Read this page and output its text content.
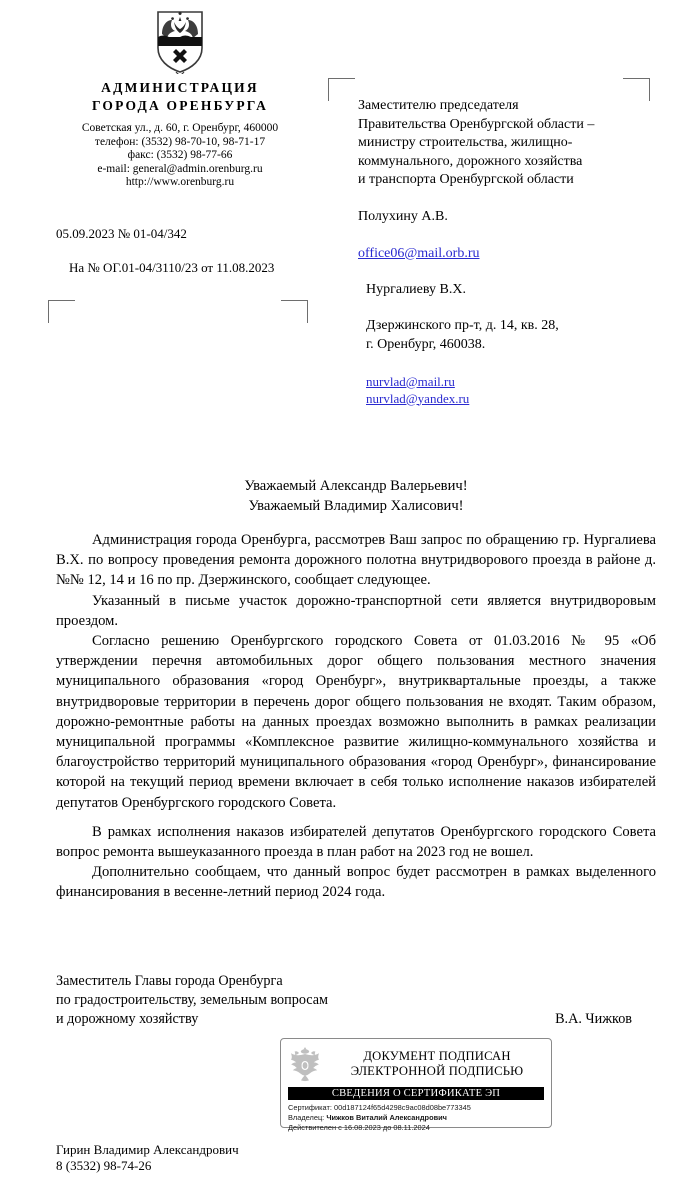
АДМИНИСТРАЦИЯ
ГОРОДА ОРЕНБУРГА
Советская ул., д. 60, г. Оренбург, 460000
телефон: (3532) 98-70-10, 98-71-17
факс: (3532) 98-77-66
e-mail: general@admin.orenburg.ru
http://www.orenburg.ru
05.09.2023 № 01-04/342
На № ОГ.01-04/3110/23 от 11.08.2023
Заместителю председателя
Правительства Оренбургской области –
министру строительства, жилищно-
коммунального, дорожного хозяйства
и транспорта Оренбургской области
Полухину А.В.
office06@mail.orb.ru
Нургалиеву В.Х.
Дзержинского пр-т, д. 14, кв. 28,
г. Оренбург, 460038.
nurvlad@mail.ru
nurvlad@yandex.ru
Уважаемый Александр Валерьевич!
Уважаемый Владимир Халисович!

Администрация города Оренбурга, рассмотрев Ваш запрос по обращению гр. Нургалиева В.Х. по вопросу проведения ремонта дорожного полотна внутридворового проезда в районе д. №№ 12, 14 и 16 по пр. Дзержинского, сообщает следующее.

Указанный в письме участок дорожно-транспортной сети является внутридворовым проездом.

Согласно решению Оренбургского городского Совета от 01.03.2016 № 95 «Об утверждении перечня автомобильных дорог общего пользования местного значения муниципального образования «город Оренбург», внутриквартальные проезды, а также внутридворовые территории в перечень дорог общего пользования не входят. Таким образом, дорожно-ремонтные работы на данных проездах возможно выполнить в рамках реализации муниципальной программы «Комплексное развитие жилищно-коммунального хозяйства и благоустройство территорий муниципального образования «город Оренбург», финансирование которой на текущий период времени включает в себя только исполнение наказов избирателей депутатов Оренбургского городского Совета.

В рамках исполнения наказов избирателей депутатов Оренбургского городского Совета вопрос ремонта вышеуказанного проезда в план работ на 2023 год не вошел.

Дополнительно сообщаем, что данный вопрос будет рассмотрен в рамках выделенного финансирования в весенне-летний период 2024 года.

Заместитель Главы города Оренбурга
по градостроительству, земельным вопросам
и дорожному хозяйству	В.А. Чижков
ДОКУМЕНТ ПОДПИСАН
ЭЛЕКТРОННОЙ ПОДПИСЬЮ
СВЕДЕНИЯ О СЕРТИФИКАТЕ ЭП
Сертификат: 00d187124f65d4298c9ac08d08be773345
Владелец: Чижков Виталий Александрович
Действителен с 16.08.2023 до 08.11.2024
Гирин Владимир Александрович
8 (3532) 98-74-26
